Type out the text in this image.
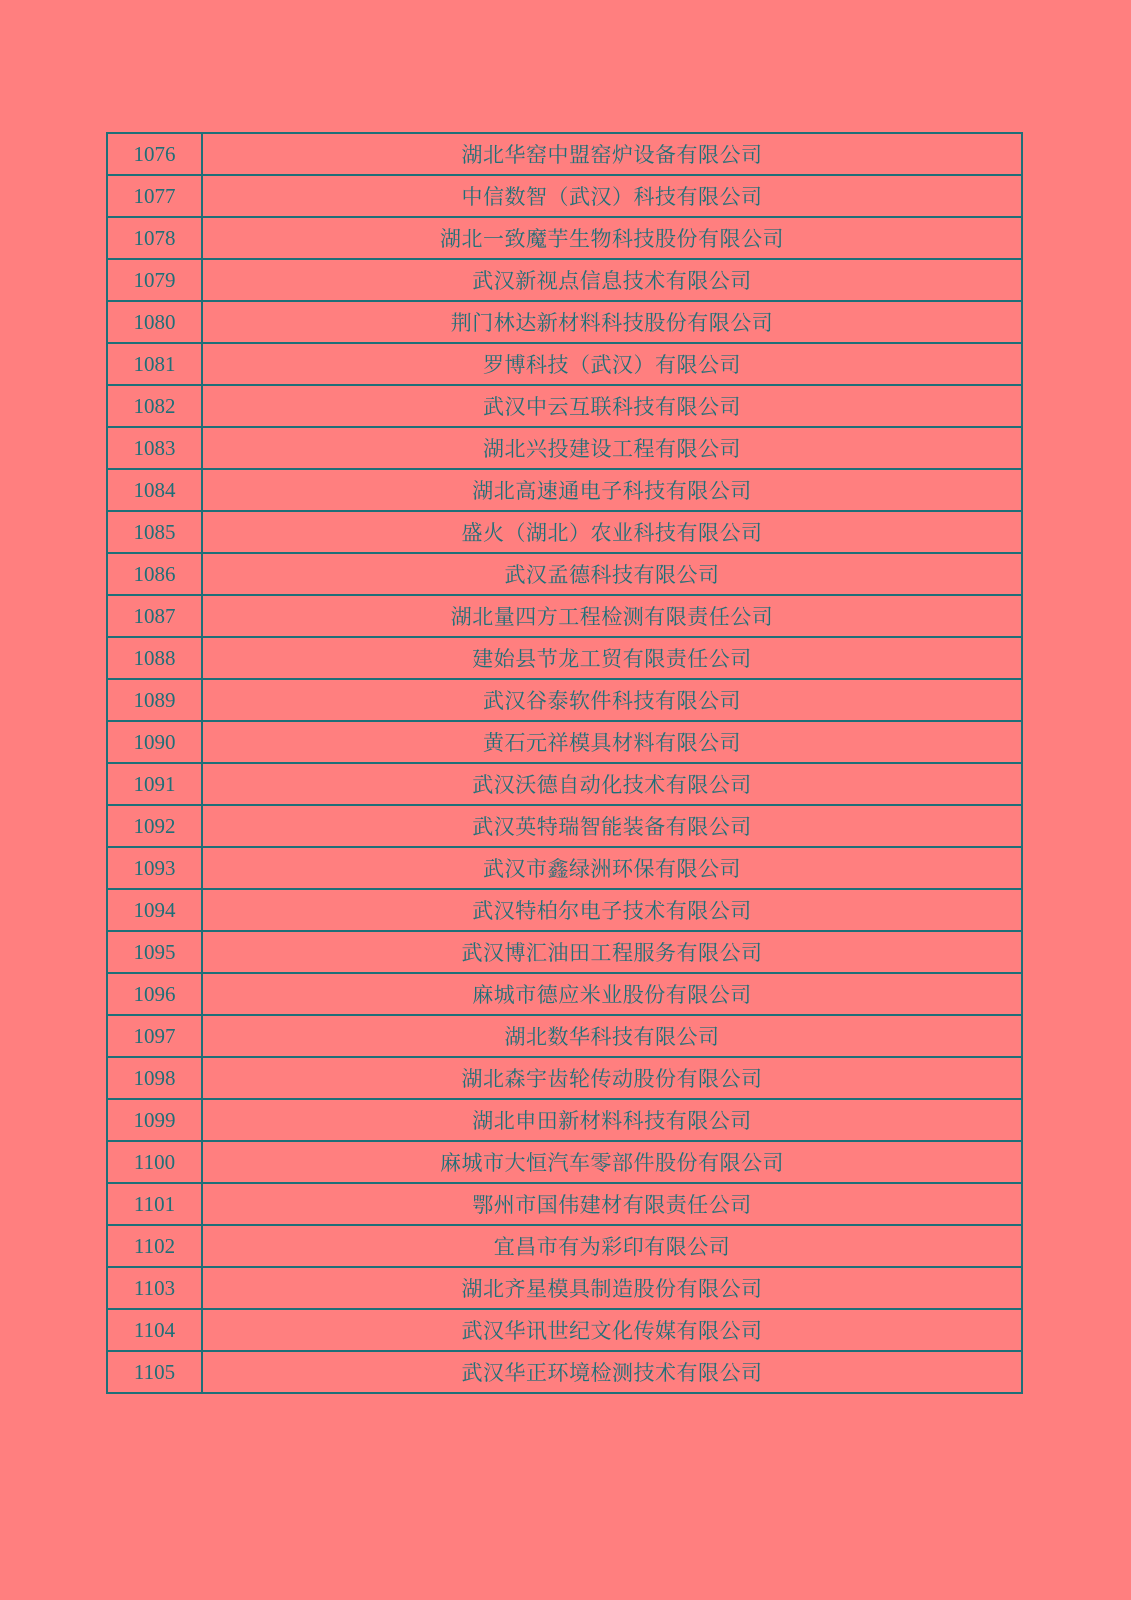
1076	湖北华窑中盟窑炉设备有限公司
1077	中信数智（武汉）科技有限公司
1078	湖北一致魔芋生物科技股份有限公司
1079	武汉新视点信息技术有限公司
1080	荆门林达新材料科技股份有限公司
1081	罗博科技（武汉）有限公司
1082	武汉中云互联科技有限公司
1083	湖北兴投建设工程有限公司
1084	湖北高速通电子科技有限公司
1085	盛火（湖北）农业科技有限公司
1086	武汉孟德科技有限公司
1087	湖北量四方工程检测有限责任公司
1088	建始县节龙工贸有限责任公司
1089	武汉谷泰软件科技有限公司
1090	黄石元祥模具材料有限公司
1091	武汉沃德自动化技术有限公司
1092	武汉英特瑞智能装备有限公司
1093	武汉市鑫绿洲环保有限公司
1094	武汉特柏尔电子技术有限公司
1095	武汉博汇油田工程服务有限公司
1096	麻城市德应米业股份有限公司
1097	湖北数华科技有限公司
1098	湖北森宇齿轮传动股份有限公司
1099	湖北申田新材料科技有限公司
1100	麻城市大恒汽车零部件股份有限公司
1101	鄂州市国伟建材有限责任公司
1102	宜昌市有为彩印有限公司
1103	湖北齐星模具制造股份有限公司
1104	武汉华讯世纪文化传媒有限公司
1105	武汉华正环境检测技术有限公司
